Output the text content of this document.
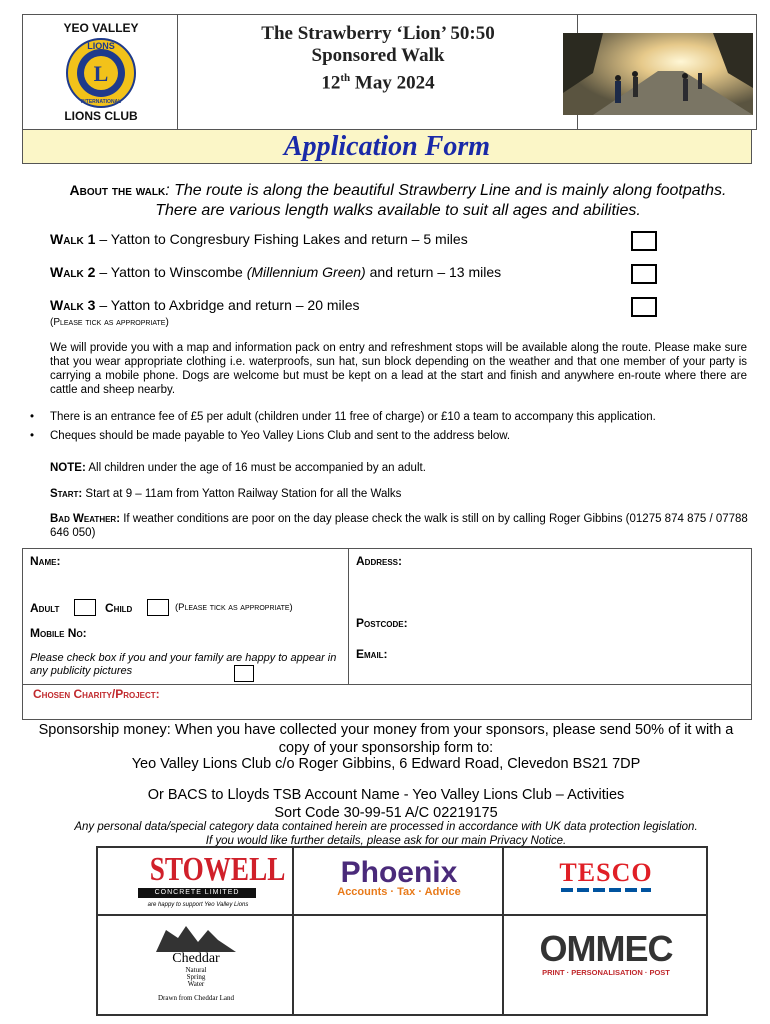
YEO VALLEY
L
LIONS
INTERNATIONAL
LIONS CLUB
The Strawberry ‘Lion’ 50:50
Sponsored Walk
12th May 2024
Application Form
About the walk: The route is along the beautiful Strawberry Line and is mainly along footpaths. There are various length walks available to suit all ages and abilities.
Walk 1 – Yatton to Congresbury Fishing Lakes and return – 5 miles
Walk 2 – Yatton to Winscombe (Millennium Green) and return – 13 miles
Walk 3 – Yatton to Axbridge and return – 20 miles
(Please tick as appropriate)
We will provide you with a map and information pack on entry and refreshment stops will be available along the route. Please make sure that you wear appropriate clothing i.e. waterproofs, sun hat, sun block depending on the weather and that one member of your party is carrying a mobile phone. Dogs are welcome but must be kept on a lead at the start and finish and anywhere en-route where there are cattle and sheep nearby.
• There is an entrance fee of £5 per adult (children under 11 free of charge) or £10 a team to accompany this application.
• Cheques should be made payable to Yeo Valley Lions Club and sent to the address below.
NOTE: All children under the age of 16 must be accompanied by an adult.
Start: Start at 9 – 11am from Yatton Railway Station for all the Walks
Bad Weather: If weather conditions are poor on the day please check the walk is still on by calling Roger Gibbins (01275 874 875 / 07788 646 050)
Name:	Address:
Adult	Child	(Please tick as appropriate)
Mobile No:
Postcode:
Email:
Please check box if you and your family are happy to appear in any publicity pictures
Chosen Charity/Project:
Sponsorship money: When you have collected your money from your sponsors, please send 50% of it with a copy of your sponsorship form to:
Yeo Valley Lions Club c/o Roger Gibbins, 6 Edward Road, Clevedon BS21 7DP
Or BACS to Lloyds TSB Account Name - Yeo Valley Lions Club – Activities
Sort Code 30-99-51 A/C 02219175
Any personal data/special category data contained herein are processed in accordance with UK data protection legislation.
If you would like further details, please ask for our main Privacy Notice.
STOWELL
CONCRETE LIMITED
are happy to support Yeo Valley Lions
Phoenix
Accounts · Tax · Advice
TESCO
Cheddar
Natural
Spring
Water
Drawn from Cheddar Land
OMMEC
PRINT · PERSONALISATION · POST
